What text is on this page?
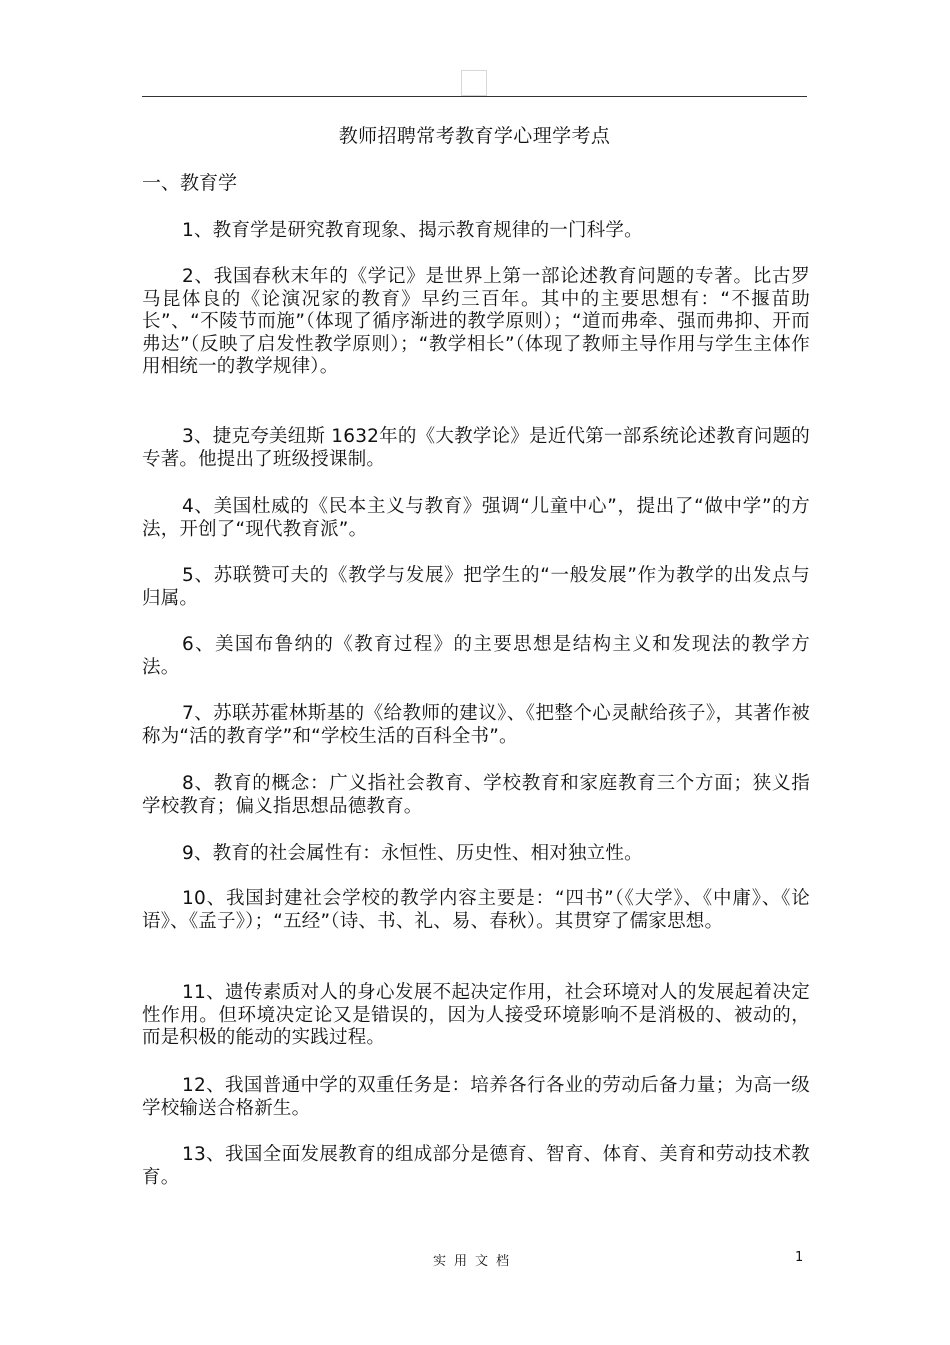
教师招聘常考教育学心理学考点
一、教育学

1、教育学是研究教育现象、揭示教育规律的一门科学。

2、我国春秋末年的《学记》是世界上第一部论述教育问题的专著。比古罗马昆体良的《论演况家的教育》早约三百年。其中的主要思想有：“不揠苗助长”、“不陵节而施”（体现了循序渐进的教学原则）；“道而弗牵、强而弗抑、开而弗达”（反映了启发性教学原则）；“教学相长”（体现了教师主导作用与学生主体作用相统一的教学规律）。

3、捷克夸美纽斯 1632年的《大教学论》是近代第一部系统论述教育问题的专著。他提出了班级授课制。

4、美国杜威的《民本主义与教育》强调“儿童中心”，提出了“做中学”的方法，开创了“现代教育派”。

5、苏联赞可夫的《教学与发展》把学生的“一般发展”作为教学的出发点与归属。

6、美国布鲁纳的《教育过程》的主要思想是结构主义和发现法的教学方法。

7、苏联苏霍林斯基的《给教师的建议》、《把整个心灵献给孩子》，其著作被称为“活的教育学”和“学校生活的百科全书”。

8、教育的概念：广义指社会教育、学校教育和家庭教育三个方面；狭义指学校教育；偏义指思想品德教育。

9、教育的社会属性有：永恒性、历史性、相对独立性。

10、我国封建社会学校的教学内容主要是：“四书”（《大学》、《中庸》、《论语》、《孟子》）；“五经”（诗、书、礼、易、春秋）。其贯穿了儒家思想。

11、遗传素质对人的身心发展不起决定作用，社会环境对人的发展起着决定性作用。但环境决定论又是错误的，因为人接受环境影响不是消极的、被动的，而是积极的能动的实践过程。

12、我国普通中学的双重任务是：培养各行各业的劳动后备力量；为高一级学校输送合格新生。

13、我国全面发展教育的组成部分是德育、智育、体育、美育和劳动技术教育。

实用文档	1
